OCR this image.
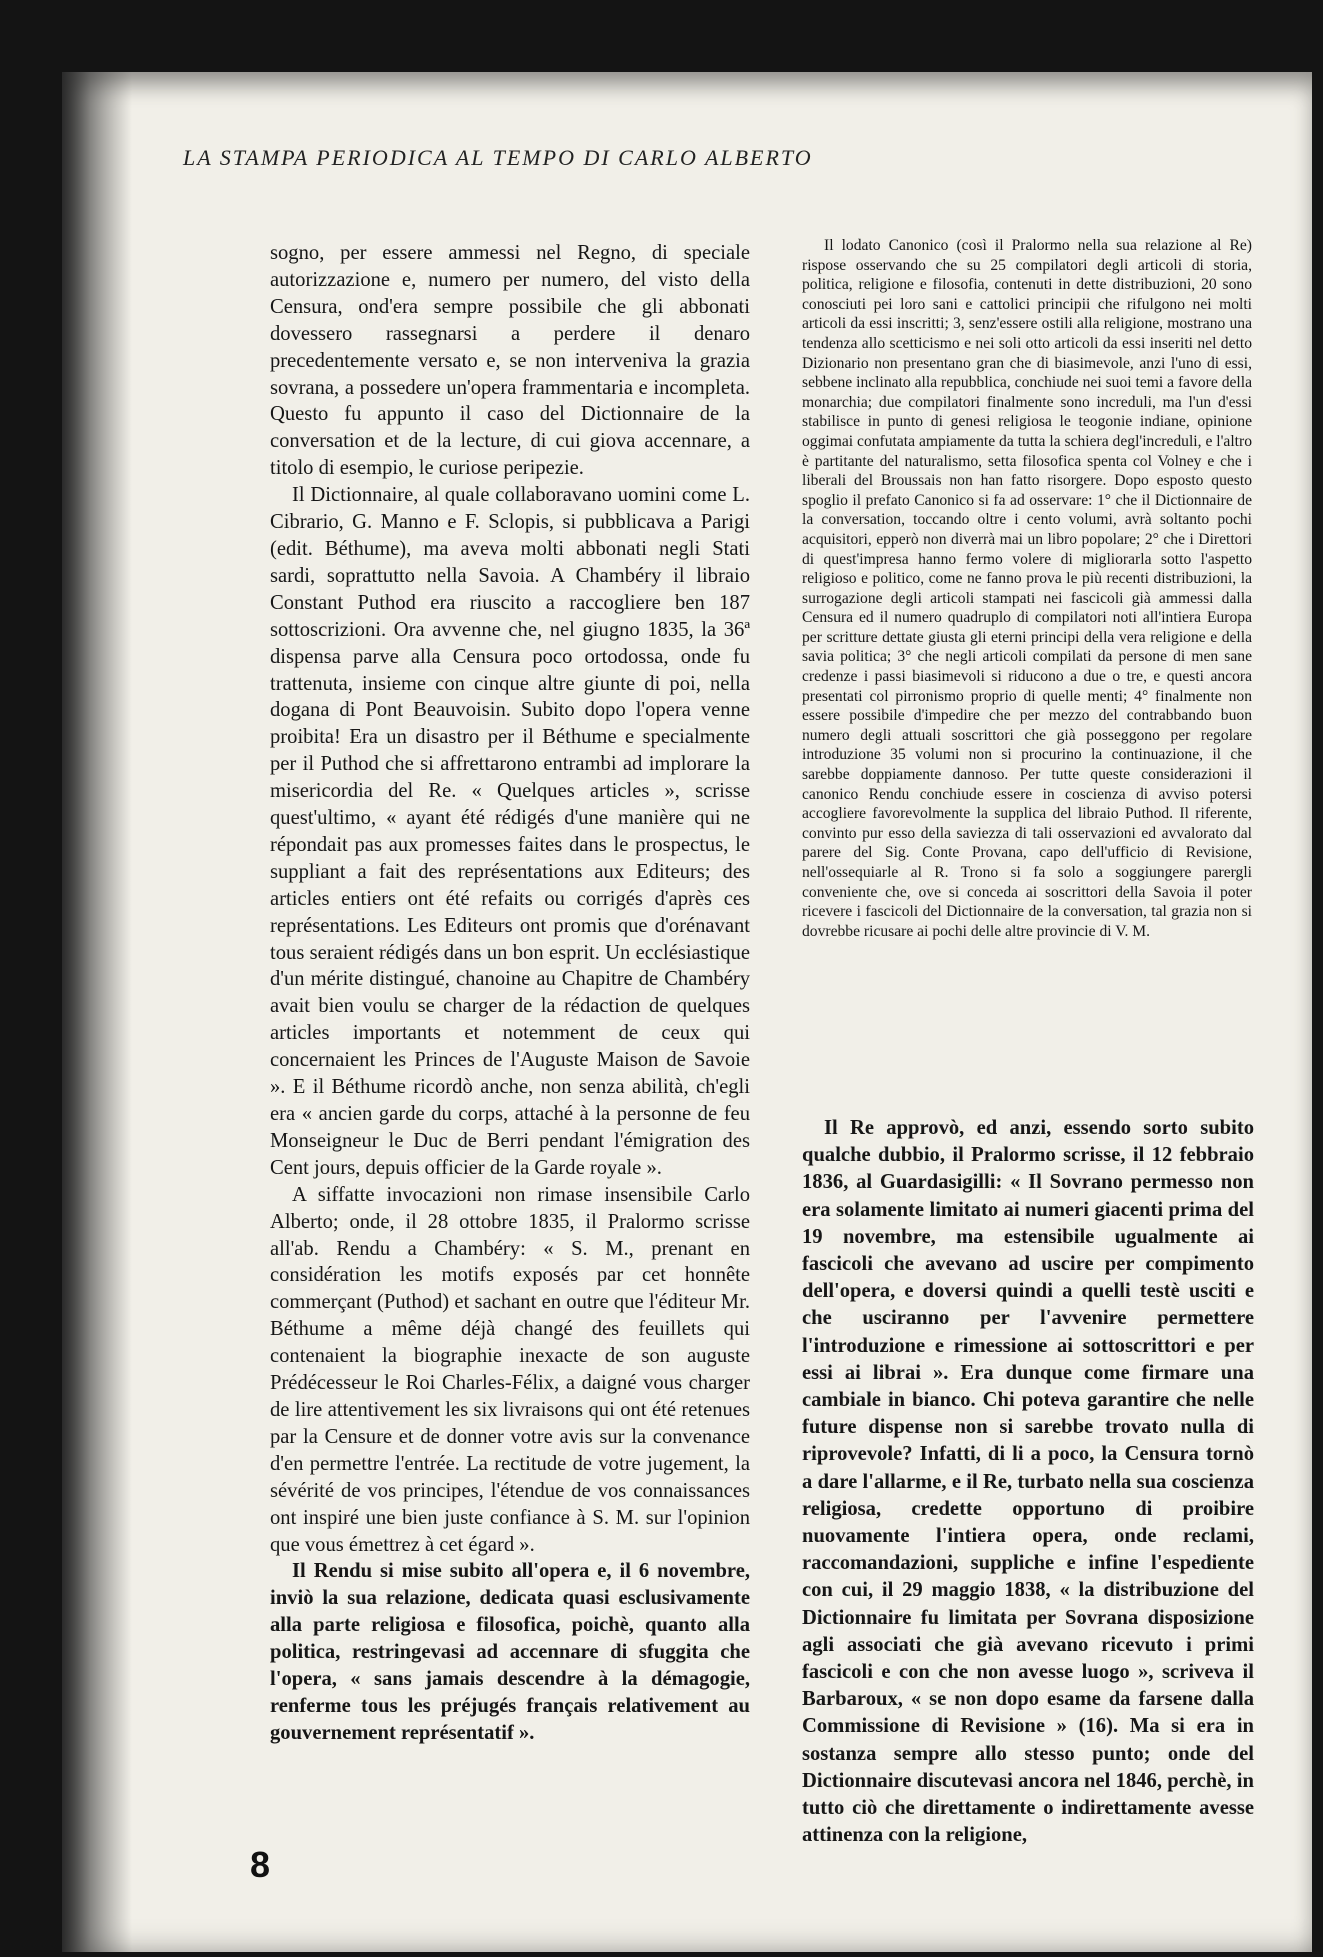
LA STAMPA PERIODICA AL TEMPO DI CARLO ALBERTO

sogno, per essere ammessi nel Regno, di speciale autorizzazione e, numero per numero, del visto della Censura, ond'era sempre possibile che gli abbonati dovessero rassegnarsi a perdere il denaro precedentemente versato e, se non interveniva la grazia sovrana, a possedere un'opera frammentaria e incompleta. Questo fu appunto il caso del Dictionnaire de la conversation et de la lecture, di cui giova accennare, a titolo di esempio, le curiose peripezie.

Il Dictionnaire, al quale collaboravano uomini come L. Cibrario, G. Manno e F. Sclopis, si pubblicava a Parigi (edit. Béthume), ma aveva molti abbonati negli Stati sardi, soprattutto nella Savoia. A Chambéry il libraio Constant Puthod era riuscito a raccogliere ben 187 sottoscrizioni. Ora avvenne che, nel giugno 1835, la 36ª dispensa parve alla Censura poco ortodossa, onde fu trattenuta, insieme con cinque altre giunte di poi, nella dogana di Pont Beauvoisin. Subito dopo l'opera venne proibita! Era un disastro per il Béthume e specialmente per il Puthod che si affrettarono entrambi ad implorare la misericordia del Re. « Quelques articles », scrisse quest'ultimo, « ayant été rédigés d'une manière qui ne répondait pas aux promesses faites dans le prospectus, le suppliant a fait des représentations aux Editeurs; des articles entiers ont été refaits ou corrigés d'après ces représentations. Les Editeurs ont promis que d'orénavant tous seraient rédigés dans un bon esprit. Un ecclésiastique d'un mérite distingué, chanoine au Chapitre de Chambéry avait bien voulu se charger de la rédaction de quelques articles importants et notemment de ceux qui concernaient les Princes de l'Auguste Maison de Savoie ». E il Béthume ricordò anche, non senza abilità, ch'egli era « ancien garde du corps, attaché à la personne de feu Monseigneur le Duc de Berri pendant l'émigration des Cent jours, depuis officier de la Garde royale ».

A siffatte invocazioni non rimase insensibile Carlo Alberto; onde, il 28 ottobre 1835, il Pralormo scrisse all'ab. Rendu a Chambéry: « S. M., prenant en considération les motifs exposés par cet honnête commerçant (Puthod) et sachant en outre que l'éditeur Mr. Béthume a même déjà changé des feuillets qui contenaient la biographie inexacte de son auguste Prédécesseur le Roi Charles-Félix, a daigné vous charger de lire attentivement les six livraisons qui ont été retenues par la Censure et de donner votre avis sur la convenance d'en permettre l'entrée. La rectitude de votre jugement, la sévérité de vos principes, l'étendue de vos connaissances ont inspiré une bien juste confiance à S. M. sur l'opinion que vous émettrez à cet égard ».

Il Rendu si mise subito all'opera e, il 6 novembre, inviò la sua relazione, dedicata quasi esclusivamente alla parte religiosa e filosofica, poichè, quanto alla politica, restringevasi ad accennare di sfuggita che l'opera, « sans jamais descendre à la démagogie, renferme tous les préjugés français relativement au gouvernement représentatif ».

Il lodato Canonico (così il Pralormo nella sua relazione al Re) rispose osservando che su 25 compilatori degli articoli di storia, politica, religione e filosofia, contenuti in dette distribuzioni, 20 sono conosciuti pei loro sani e cattolici principii che rifulgono nei molti articoli da essi inscritti; 3, senz'essere ostili alla religione, mostrano una tendenza allo scetticismo e nei soli otto articoli da essi inseriti nel detto Dizionario non presentano gran che di biasimevole, anzi l'uno di essi, sebbene inclinato alla repubblica, conchiude nei suoi temi a favore della monarchia; due compilatori finalmente sono increduli, ma l'un d'essi stabilisce in punto di genesi religiosa le teogonie indiane, opinione oggimai confutata ampiamente da tutta la schiera degl'increduli, e l'altro è partitante del naturalismo, setta filosofica spenta col Volney e che i liberali del Broussais non han fatto risorgere. Dopo esposto questo spoglio il prefato Canonico si fa ad osservare: 1° che il Dictionnaire de la conversation, toccando oltre i cento volumi, avrà soltanto pochi acquisitori, epperò non diverrà mai un libro popolare; 2° che i Direttori di quest'impresa hanno fermo volere di migliorarla sotto l'aspetto religioso e politico, come ne fanno prova le più recenti distribuzioni, la surrogazione degli articoli stampati nei fascicoli già ammessi dalla Censura ed il numero quadruplo di compilatori noti all'intiera Europa per scritture dettate giusta gli eterni principi della vera religione e della savia politica; 3° che negli articoli compilati da persone di men sane credenze i passi biasimevoli si riducono a due o tre, e questi ancora presentati col pirronismo proprio di quelle menti; 4° finalmente non essere possibile d'impedire che per mezzo del contrabbando buon numero degli attuali soscrittori che già posseggono per regolare introduzione 35 volumi non si procurino la continuazione, il che sarebbe doppiamente dannoso. Per tutte queste considerazioni il canonico Rendu conchiude essere in coscienza di avviso potersi accogliere favorevolmente la supplica del libraio Puthod. Il riferente, convinto pur esso della saviezza di tali osservazioni ed avvalorato dal parere del Sig. Conte Provana, capo dell'ufficio di Revisione, nell'ossequiarle al R. Trono si fa solo a soggiungere parergli conveniente che, ove si conceda ai soscrittori della Savoia il poter ricevere i fascicoli del Dictionnaire de la conversation, tal grazia non si dovrebbe ricusare ai pochi delle altre provincie di V. M.

Il Re approvò, ed anzi, essendo sorto subito qualche dubbio, il Pralormo scrisse, il 12 febbraio 1836, al Guardasigilli: « Il Sovrano permesso non era solamente limitato ai numeri giacenti prima del 19 novembre, ma estensibile ugualmente ai fascicoli che avevano ad uscire per compimento dell'opera, e doversi quindi a quelli testè usciti e che usciranno per l'avvenire permettere l'introduzione e rimessione ai sottoscrittori e per essi ai librai ». Era dunque come firmare una cambiale in bianco. Chi poteva garantire che nelle future dispense non si sarebbe trovato nulla di riprovevole? Infatti, di li a poco, la Censura tornò a dare l'allarme, e il Re, turbato nella sua coscienza religiosa, credette opportuno di proibire nuovamente l'intiera opera, onde reclami, raccomandazioni, suppliche e infine l'espediente con cui, il 29 maggio 1838, « la distribuzione del Dictionnaire fu limitata per Sovrana disposizione agli associati che già avevano ricevuto i primi fascicoli e con che non avesse luogo », scriveva il Barbaroux, « se non dopo esame da farsene dalla Commissione di Revisione » (16). Ma si era in sostanza sempre allo stesso punto; onde del Dictionnaire discutevasi ancora nel 1846, perchè, in tutto ciò che direttamente o indirettamente avesse attinenza con la religione,

8
